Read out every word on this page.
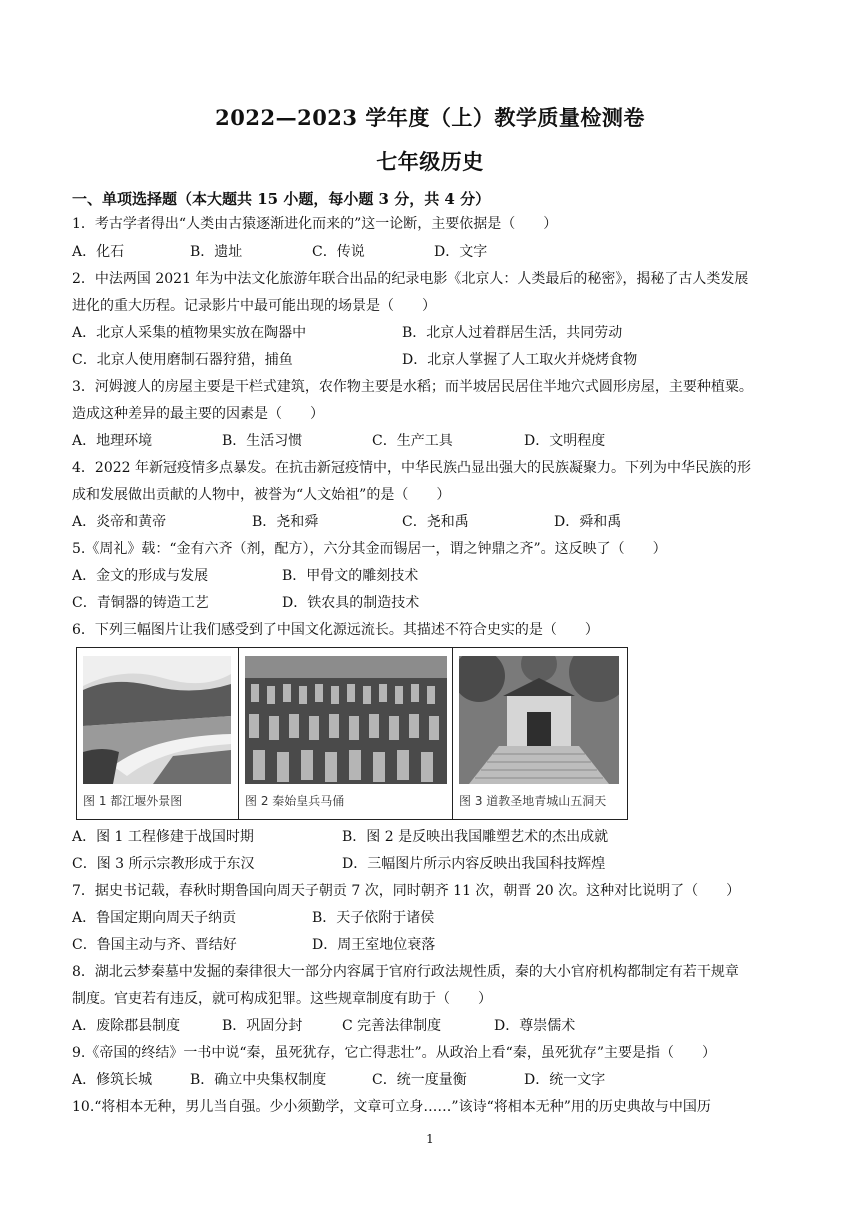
2022—2023 学年度（上）教学质量检测卷
七年级历史
一、单项选择题（本大题共 15 小题，每小题 3 分，共 4 分）
1．考古学者得出“人类由古猿逐渐进化而来的”这一论断，主要依据是（　　）
A．化石	B．遗址	C．传说	D．文字
2．中法两国 2021 年为中法文化旅游年联合出品的纪录电影《北京人：人类最后的秘密》，揭秘了古人类发展
进化的重大历程。记录影片中最可能出现的场景是（　　）
A．北京人采集的植物果实放在陶器中	B．北京人过着群居生活，共同劳动
C．北京人使用磨制石器狩猎，捕鱼	D．北京人掌握了人工取火并烧烤食物
3．河姆渡人的房屋主要是干栏式建筑，农作物主要是水稻；而半坡居民居住半地穴式圆形房屋，主要种植粟。
造成这种差异的最主要的因素是（　　）
A．地理环境	B．生活习惯	C．生产工具	D．文明程度
4．2022 年新冠疫情多点暴发。在抗击新冠疫情中，中华民族凸显出强大的民族凝聚力。下列为中华民族的形
成和发展做出贡献的人物中，被誉为“人文始祖”的是（　　）
A．炎帝和黄帝	B．尧和舜	C．尧和禹	D．舜和禹
5.《周礼》载：“金有六齐（剂，配方），六分其金而锡居一，谓之钟鼎之齐”。这反映了（　　）
A．金文的形成与发展	B．甲骨文的雕刻技术
C．青铜器的铸造工艺	D．铁农具的制造技术
6．下列三幅图片让我们感受到了中国文化源远流长。其描述不符合史实的是（　　）
图 1 都江堰外景图	图 2 秦始皇兵马俑	图 3 道教圣地青城山五洞天
A．图 1 工程修建于战国时期	B．图 2 是反映出我国雕塑艺术的杰出成就
C．图 3 所示宗教形成于东汉	D．三幅图片所示内容反映出我国科技辉煌
7．据史书记载，春秋时期鲁国向周天子朝贡 7 次，同时朝齐 11 次，朝晋 20 次。这种对比说明了（　　）
A．鲁国定期向周天子纳贡	B．天子依附于诸侯
C．鲁国主动与齐、晋结好	D．周王室地位衰落
8．湖北云梦秦墓中发掘的秦律很大一部分内容属于官府行政法规性质，秦的大小官府机构都制定有若干规章
制度。官吏若有违反，就可构成犯罪。这些规章制度有助于（　　）
A．废除郡县制度	B．巩固分封	C 完善法律制度	D．尊崇儒术
9.《帝国的终结》一书中说“秦，虽死犹存，它亡得悲壮”。从政治上看“秦，虽死犹存”主要是指（　　）
A．修筑长城	B．确立中央集权制度	C．统一度量衡	D．统一文字
10.“将相本无种，男儿当自强。少小须勤学，文章可立身……”该诗“将相本无种”用的历史典故与中国历
1
